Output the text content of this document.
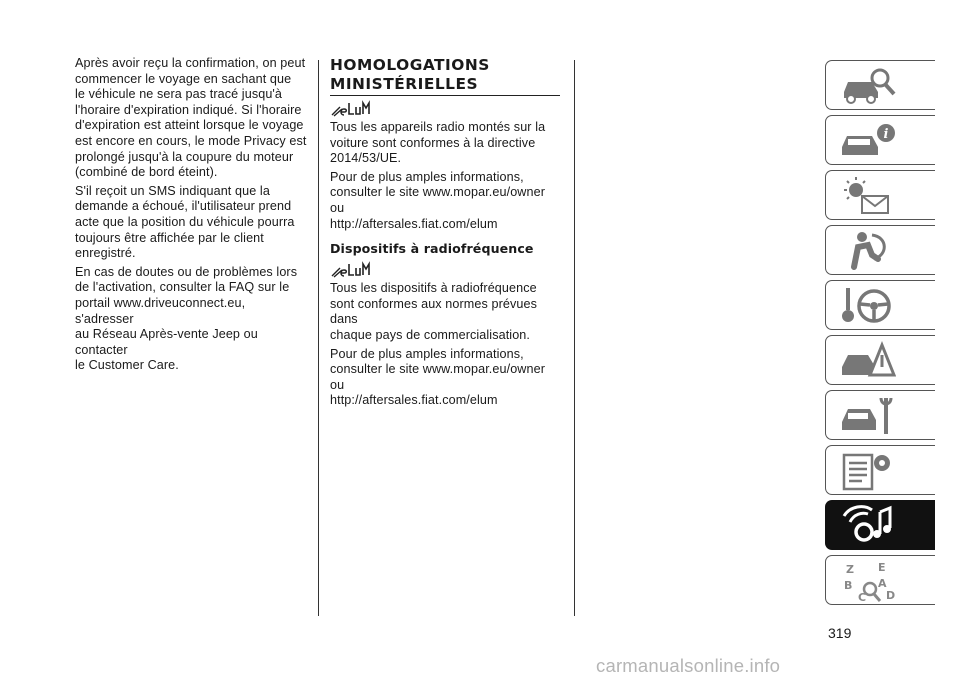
Après avoir reçu la confirmation, on peut
commencer le voyage en sachant que
le véhicule ne sera pas tracé jusqu'à
l'horaire d'expiration indiqué. Si l'horaire
d'expiration est atteint lorsque le voyage
est encore en cours, le mode Privacy est
prolongé jusqu'à la coupure du moteur
(combiné de bord éteint).

S'il reçoit un SMS indiquant que la
demande a échoué, il'utilisateur prend
acte que la position du véhicule pourra
toujours être affichée par le client
enregistré.

En cas de doutes ou de problèmes lors
de l'activation, consulter la FAQ sur le
portail www.driveuconnect.eu, s'adresser
au Réseau Après-vente Jeep ou contacter
le Customer Care.

HOMOLOGATIONS MINISTÉRIELLES

Tous les appareils radio montés sur la
voiture sont conformes à la directive
2014/53/UE.

Pour de plus amples informations,
consulter le site www.mopar.eu/owner ou
http://aftersales.fiat.com/elum

Dispositifs à radiofréquence

Tous les dispositifs à radiofréquence
sont conformes aux normes prévues dans
chaque pays de commercialisation.

Pour de plus amples informations,
consulter le site www.mopar.eu/owner ou
http://aftersales.fiat.com/elum

i
Z E
B A
C D
319
carmanualsonline.info
